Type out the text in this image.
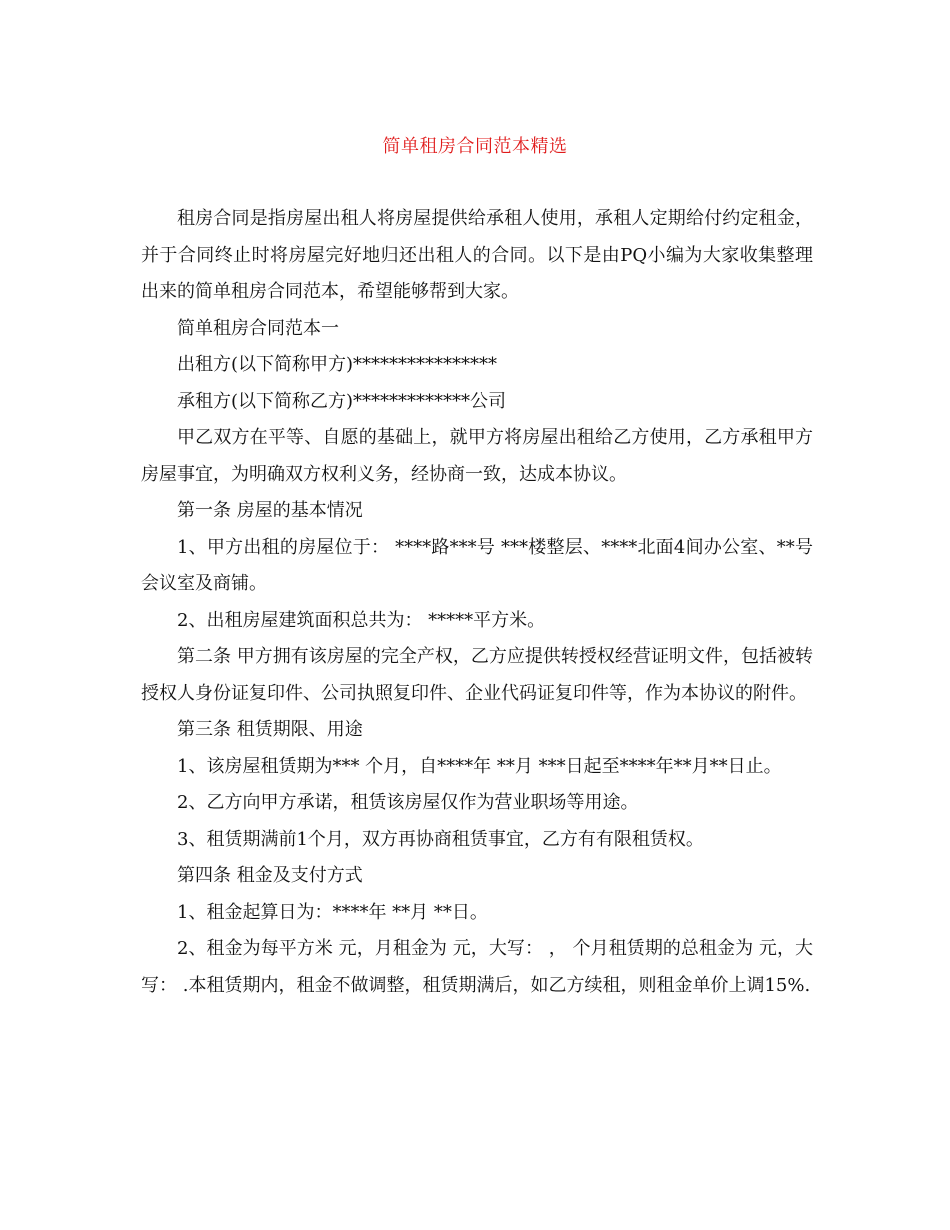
简单租房合同范本精选

租房合同是指房屋出租人将房屋提供给承租人使用，承租人定期给付约定租金，并于合同终止时将房屋完好地归还出租人的合同。以下是由PQ小编为大家收集整理出来的简单租房合同范本，希望能够帮到大家。

简单租房合同范本一

出租方(以下简称甲方)****************

承租方(以下简称乙方)*************公司

甲乙双方在平等、自愿的基础上，就甲方将房屋出租给乙方使用，乙方承租甲方房屋事宜，为明确双方权利义务，经协商一致，达成本协议。

第一条 房屋的基本情况

1、甲方出租的房屋位于： ****路***号 ***楼整层、****北面4间办公室、**号会议室及商铺。

2、出租房屋建筑面积总共为： *****平方米。

第二条 甲方拥有该房屋的完全产权，乙方应提供转授权经营证明文件，包括被转授权人身份证复印件、公司执照复印件、企业代码证复印件等，作为本协议的附件。

第三条 租赁期限、用途

1、该房屋租赁期为*** 个月，自****年 **月 ***日起至****年**月**日止。

2、乙方向甲方承诺，租赁该房屋仅作为营业职场等用途。

3、租赁期满前1个月，双方再协商租赁事宜，乙方有有限租赁权。

第四条 租金及支付方式

1、租金起算日为：****年 **月 **日。

2、租金为每平方米 元，月租金为 元，大写： ， 个月租赁期的总租金为 元，大写： .本租赁期内，租金不做调整，租赁期满后，如乙方续租，则租金单价上调15%.
